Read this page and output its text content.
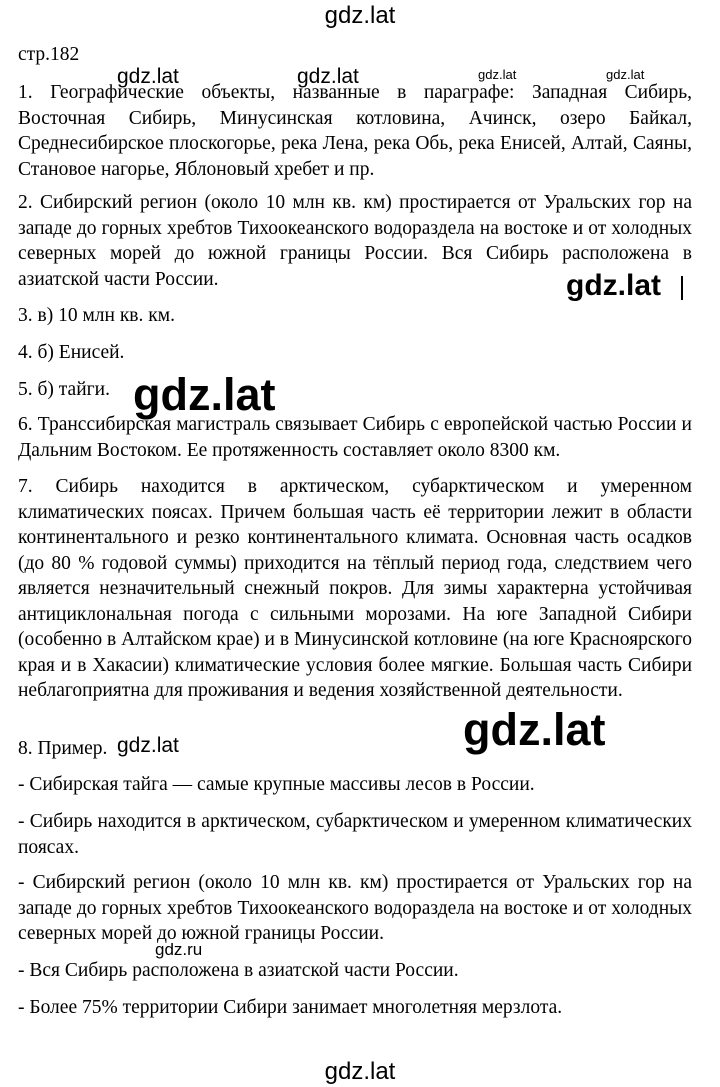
gdz.lat

стр.182

1. Географические объекты, названные в параграфе: Западная Сибирь, Восточная Сибирь, Минусинская котловина, Ачинск, озеро Байкал, Среднесибирское плоскогорье, река Лена, река Обь, река Енисей, Алтай, Саяны, Становое нагорье, Яблоновый хребет и пр.

2. Сибирский регион (около 10 млн кв. км) простирается от Уральских гор на западе до горных хребтов Тихоокеанского водораздела на востоке и от холодных северных морей до южной границы России. Вся Сибирь расположена в азиатской части России.

3. в) 10 млн кв. км.

4. б) Енисей.

5. б) тайги.

6. Транссибирская магистраль связывает Сибирь с европейской частью России и Дальним Востоком. Ее протяженность составляет около 8300 км.

7. Сибирь находится в арктическом, субарктическом и умеренном климатических поясах. Причем большая часть её территории лежит в области континентального и резко континентального климата. Основная часть осадков (до 80 % годовой суммы) приходится на тёплый период года, следствием чего является незначительный снежный покров. Для зимы характерна устойчивая антициклональная погода с сильными морозами. На юге Западной Сибири (особенно в Алтайском крае) и в Минусинской котловине (на юге Красноярского края и в Хакасии) климатические условия более мягкие. Большая часть Сибири неблагоприятна для проживания и ведения хозяйственной деятельности.

8. Пример.

- Сибирская тайга — самые крупные массивы лесов в России.

- Сибирь находится в арктическом, субарктическом и умеренном климатических поясах.

- Сибирский регион (около 10 млн кв. км) простирается от Уральских гор на западе до горных хребтов Тихоокеанского водораздела на востоке и от холодных северных морей до южной границы России.

- Вся Сибирь расположена в азиатской части России.

- Более 75% территории Сибири занимает многолетняя мерзлота.

gdz.lat	gdz.lat	gdz.lat	gdz.lat
gdz.lat
gdz.lat
gdz.lat
gdz.lat
gdz.ru
gdz.lat
